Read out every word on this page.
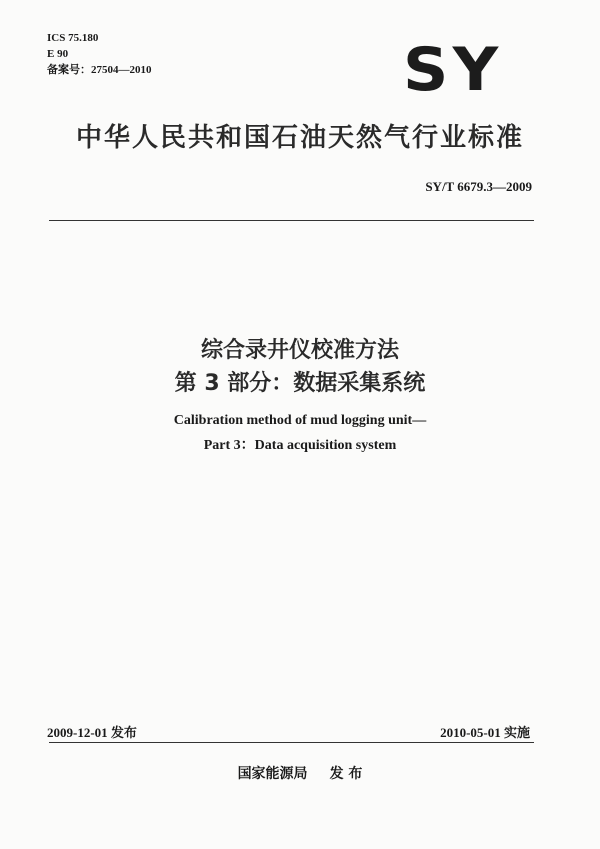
ICS 75.180
E 90
备案号：27504—2010	SY
中华人民共和国石油天然气行业标准
SY/T 6679.3—2009
综合录井仪校准方法
第 3 部分：数据采集系统
Calibration method of mud logging unit—
Part 3：Data acquisition system
2009-12-01 发布	2010-05-01 实施
国家能源局 发 布
